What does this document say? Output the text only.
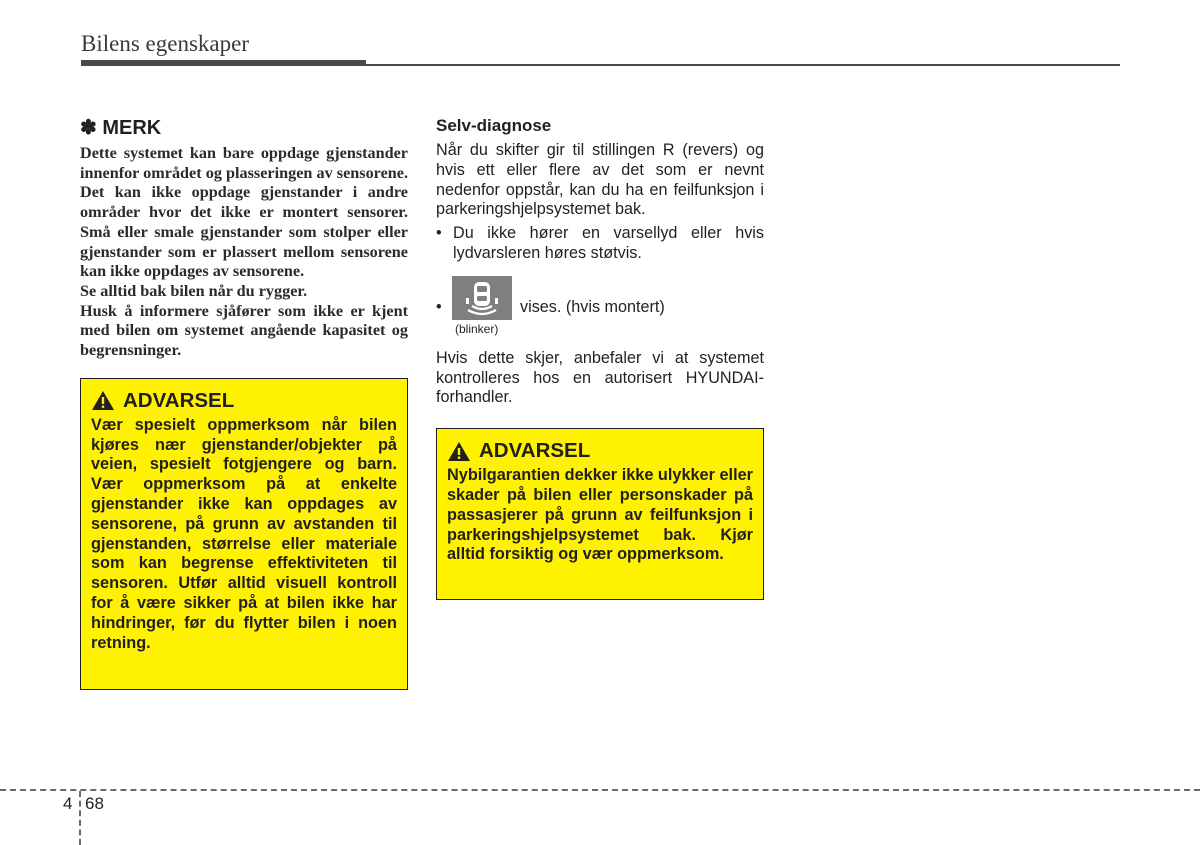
Bilens egenskaper
✽ MERK

Dette systemet kan bare oppdage gjenstander innenfor området og plasseringen av sensorene. Det kan ikke oppdage gjenstander i andre områder hvor det ikke er montert sensorer. Små eller smale gjenstander som stolper eller gjenstander som er plassert mellom sensorene kan ikke oppdages av sensorene.

Se alltid bak bilen når du rygger.

Husk å informere sjåfører som ikke er kjent med bilen om systemet angående kapasitet og begrensninger.

ADVARSEL

Vær spesielt oppmerksom når bilen kjøres nær gjenstander/objekter på veien, spesielt fotgjengere og barn. Vær oppmerksom på at enkelte gjenstander ikke kan oppdages av sensorene, på grunn av avstanden til gjenstanden, størrelse eller materiale som kan begrense effektiviteten til sensoren. Utfør alltid visuell kontroll for å være sikker på at bilen ikke har hindringer, før du flytter bilen i noen retning.

Selv-diagnose

Når du skifter gir til stillingen R (revers) og hvis ett eller flere av det som er nevnt nedenfor oppstår, kan du ha en feilfunksjon i parkeringshjelpsystemet bak.

• Du ikke hører en varsellyd eller hvis lydvarsleren høres støtvis.
•
(blinker)
vises. (hvis montert)

Hvis dette skjer, anbefaler vi at systemet kontrolleres hos en autorisert HYUNDAI-forhandler.

ADVARSEL

Nybilgarantien dekker ikke ulykker eller skader på bilen eller personskader på passasjerer på grunn av feilfunksjon i parkeringshjelpsystemet bak. Kjør alltid forsiktig og vær oppmerksom.

4 68
